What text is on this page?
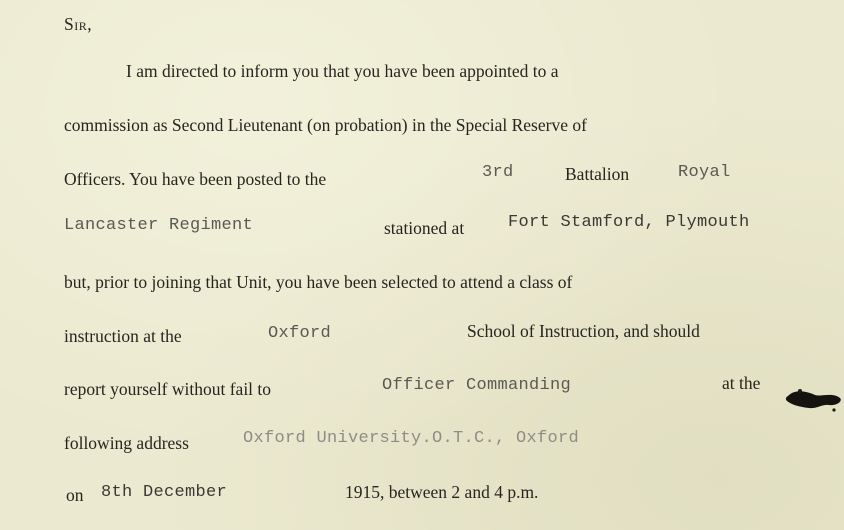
Sir,
I am directed to inform you that you have been appointed to a
commission as Second Lieutenant (on probation) in the Special Reserve of
Officers. You have been posted to the	3rd	Battalion	Royal
Lancaster Regiment	stationed at	Fort Stamford, Plymouth
but, prior to joining that Unit, you have been selected to attend a class of
instruction at the	Oxford	School of Instruction, and should
report yourself without fail to	Officer Commanding	at the
following address	Oxford University.O.T.C., Oxford
on 8th December	1915, between 2 and 4 p.m.
